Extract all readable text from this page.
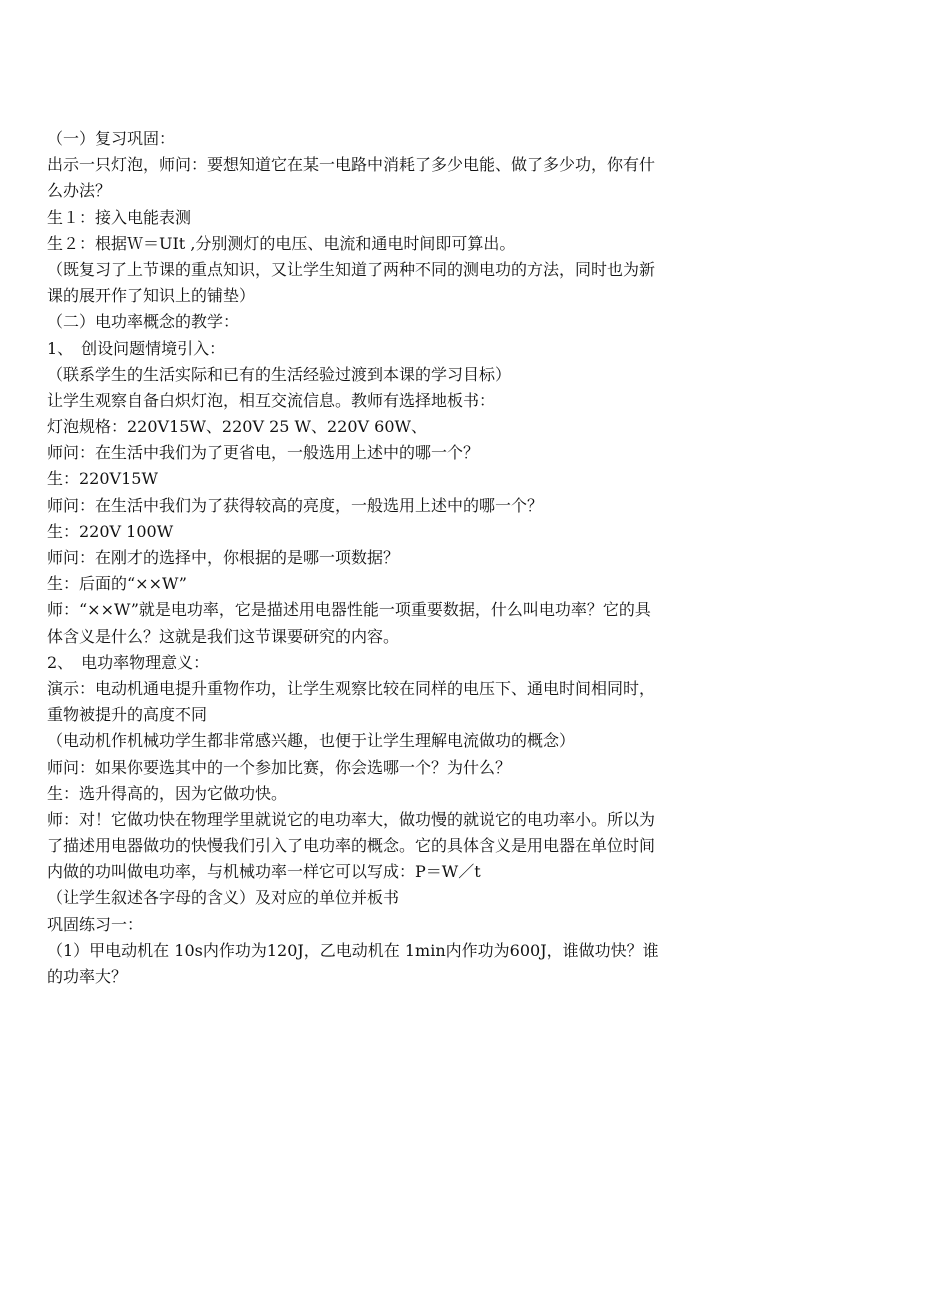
（一）复习巩固：
出示一只灯泡，师问：要想知道它在某一电路中消耗了多少电能、做了多少功，你有什
么办法？
生１：接入电能表测
生２：根据Ｗ＝UIt ,分别测灯的电压、电流和通电时间即可算出。
（既复习了上节课的重点知识，又让学生知道了两种不同的测电功的方法，同时也为新
课的展开作了知识上的铺垫）
（二）电功率概念的教学：
1、　创设问题情境引入：
（联系学生的生活实际和已有的生活经验过渡到本课的学习目标）
让学生观察自备白炽灯泡，相互交流信息。教师有选择地板书：
灯泡规格：220V15W、220V 25 W、220V 60W、
师问：在生活中我们为了更省电，一般选用上述中的哪一个？
生：220V15W
师问：在生活中我们为了获得较高的亮度，一般选用上述中的哪一个？
生：220V 100W
师问：在刚才的选择中，你根据的是哪一项数据？
生：后面的“××W”
师：“××W”就是电功率，它是描述用电器性能一项重要数据，什么叫电功率？它的具
体含义是什么？这就是我们这节课要研究的内容。
2、　电功率物理意义：
演示：电动机通电提升重物作功，让学生观察比较在同样的电压下、通电时间相同时，
重物被提升的高度不同
（电动机作机械功学生都非常感兴趣，也便于让学生理解电流做功的概念）
师问：如果你要选其中的一个参加比赛，你会选哪一个？为什么？
生：选升得高的，因为它做功快。
师：对！它做功快在物理学里就说它的电功率大，做功慢的就说它的电功率小。所以为
了描述用电器做功的快慢我们引入了电功率的概念。它的具体含义是用电器在单位时间
内做的功叫做电功率，与机械功率一样它可以写成：P＝W／t
（让学生叙述各字母的含义）及对应的单位并板书
巩固练习一：
（1）甲电动机在 10s内作功为120J，乙电动机在 1min内作功为600J，谁做功快？谁
的功率大？
